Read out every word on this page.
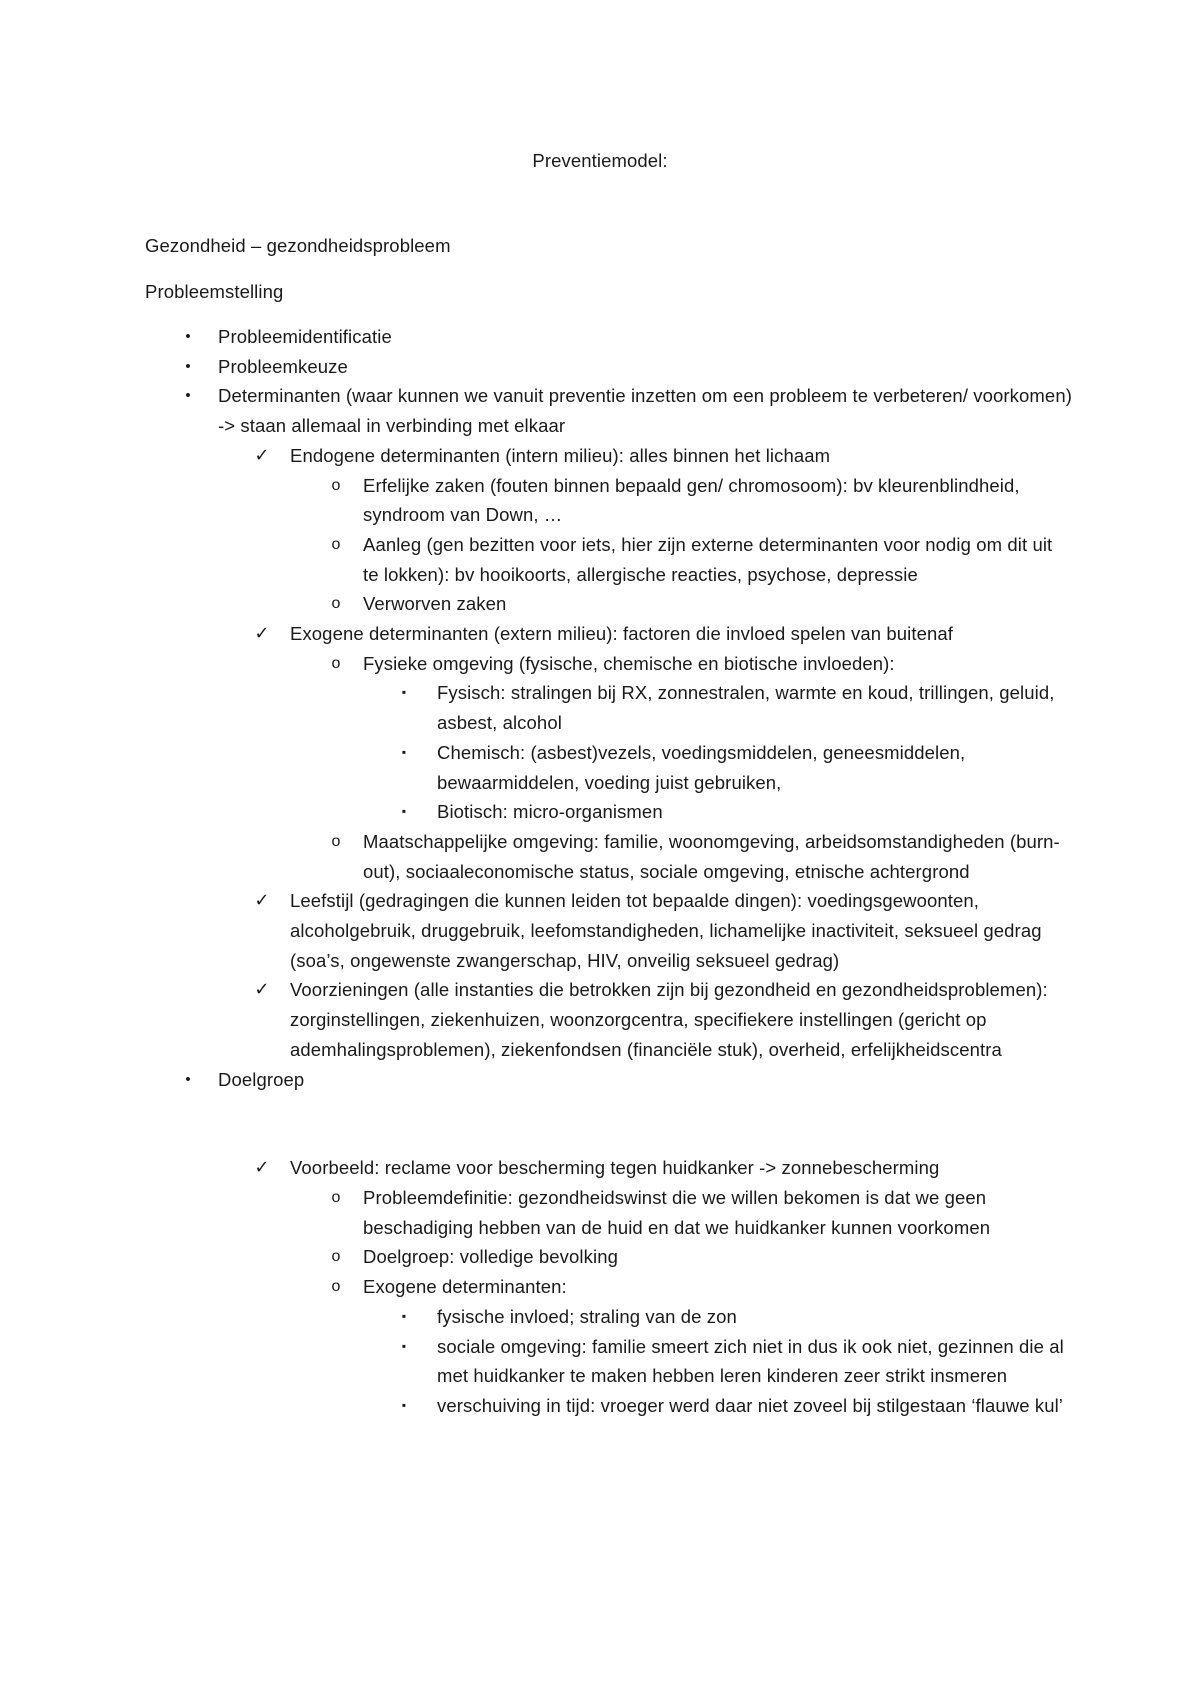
Preventiemodel:
Gezondheid – gezondheidsprobleem
Probleemstelling
•	Probleemidentificatie
•	Probleemkeuze
•	Determinanten (waar kunnen we vanuit preventie inzetten om een probleem te verbeteren/ voorkomen) -> staan allemaal in verbinding met elkaar
✓ Endogene determinanten (intern milieu): alles binnen het lichaam
o Erfelijke zaken (fouten binnen bepaald gen/ chromosoom): bv kleurenblindheid, syndroom van Down, …
o Aanleg (gen bezitten voor iets, hier zijn externe determinanten voor nodig om dit uit te lokken): bv hooikoorts, allergische reacties, psychose, depressie
o Verworven zaken
✓ Exogene determinanten (extern milieu): factoren die invloed spelen van buitenaf
o Fysieke omgeving (fysische, chemische en biotische invloeden):
▪	Fysisch: stralingen bij RX, zonnestralen, warmte en koud, trillingen, geluid, asbest, alcohol
▪	Chemisch: (asbest)vezels, voedingsmiddelen, geneesmiddelen, bewaarmiddelen, voeding juist gebruiken,
▪	Biotisch: micro-organismen
o Maatschappelijke omgeving: familie, woonomgeving, arbeidsomstandigheden (burn-out), sociaaleconomische status, sociale omgeving, etnische achtergrond
✓ Leefstijl (gedragingen die kunnen leiden tot bepaalde dingen): voedingsgewoonten, alcoholgebruik, druggebruik, leefomstandigheden, lichamelijke inactiviteit, seksueel gedrag (soa’s, ongewenste zwangerschap, HIV, onveilig seksueel gedrag)
✓ Voorzieningen (alle instanties die betrokken zijn bij gezondheid en gezondheidsproblemen): zorginstellingen, ziekenhuizen, woonzorgcentra, specifiekere instellingen (gericht op ademhalingsproblemen), ziekenfondsen (financiële stuk), overheid, erfelijkheidscentra
•	Doelgroep
✓ Voorbeeld: reclame voor bescherming tegen huidkanker -> zonnebescherming
o Probleemdefinitie: gezondheidswinst die we willen bekomen is dat we geen beschadiging hebben van de huid en dat we huidkanker kunnen voorkomen
o Doelgroep: volledige bevolking
o Exogene determinanten:
▪	fysische invloed; straling van de zon
▪	sociale omgeving: familie smeert zich niet in dus ik ook niet, gezinnen die al met huidkanker te maken hebben leren kinderen zeer strikt insmeren
▪	verschuiving in tijd: vroeger werd daar niet zoveel bij stilgestaan ‘flauwe kul’
